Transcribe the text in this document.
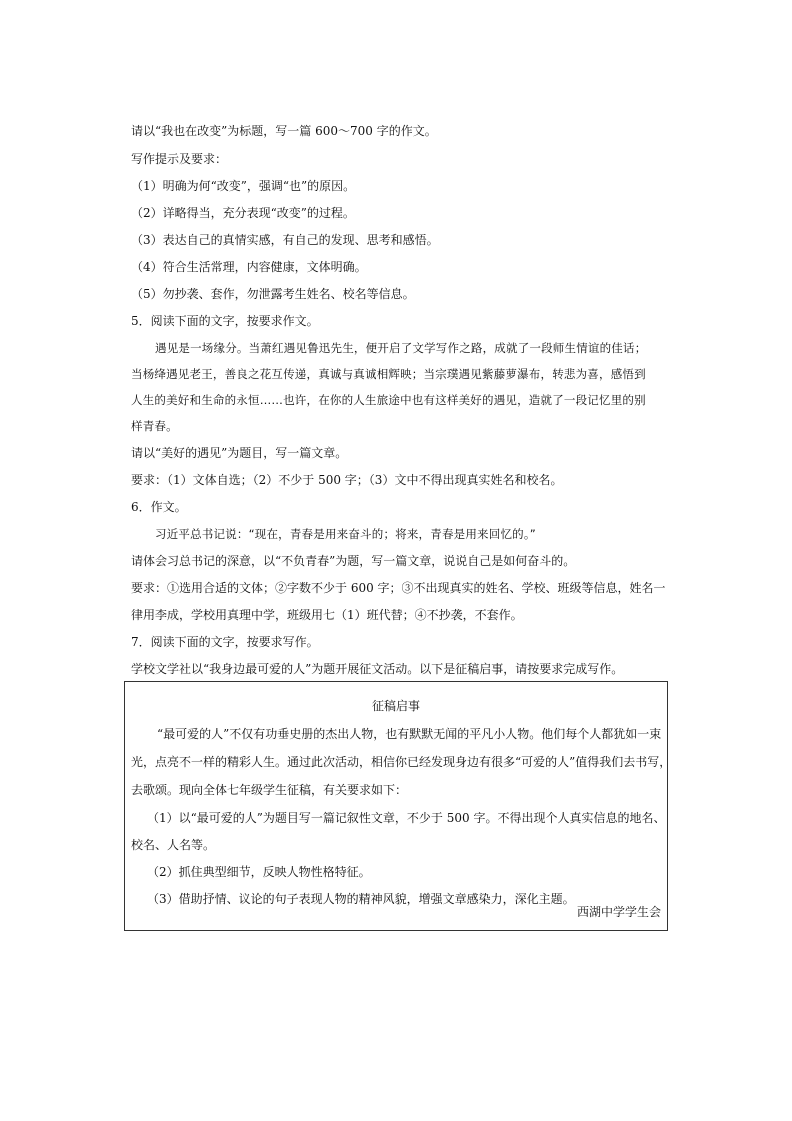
请以“我也在改变”为标题，写一篇 600～700 字的作文。
写作提示及要求：
（1）明确为何“改变”，强调“也”的原因。
（2）详略得当，充分表现“改变”的过程。
（3）表达自己的真情实感，有自己的发现、思考和感悟。
（4）符合生活常理，内容健康，文体明确。
（5）勿抄袭、套作，勿泄露考生姓名、校名等信息。
5．阅读下面的文字，按要求作文。
遇见是一场缘分。当萧红遇见鲁迅先生，便开启了文学写作之路，成就了一段师生情谊的佳话；
当杨绛遇见老王，善良之花互传递，真诚与真诚相辉映；当宗璞遇见紫藤萝瀑布，转悲为喜，感悟到
人生的美好和生命的永恒……也许，在你的人生旅途中也有这样美好的遇见，造就了一段记忆里的别
样青春。
请以“美好的遇见”为题目，写一篇文章。
要求：（1）文体自选；（2）不少于 500 字；（3）文中不得出现真实姓名和校名。
6．作文。
习近平总书记说：“现在，青春是用来奋斗的；将来，青春是用来回忆的。”
请体会习总书记的深意，以“不负青春”为题，写一篇文章，说说自己是如何奋斗的。
要求：①选用合适的文体；②字数不少于 600 字；③不出现真实的姓名、学校、班级等信息，姓名一
律用李成，学校用真理中学，班级用七（1）班代替；④不抄袭，不套作。
7．阅读下面的文字，按要求写作。
学校文学社以“我身边最可爱的人”为题开展征文活动。以下是征稿启事，请按要求完成写作。
征稿启事
“最可爱的人”不仅有功垂史册的杰出人物，也有默默无闻的平凡小人物。他们每个人都犹如一束
光，点亮不一样的精彩人生。通过此次活动，相信你已经发现身边有很多“可爱的人”值得我们去书写，
去歌颂。现向全体七年级学生征稿，有关要求如下：
（1）以“最可爱的人”为题目写一篇记叙性文章，不少于 500 字。不得出现个人真实信息的地名、
校名、人名等。
（2）抓住典型细节，反映人物性格特征。
（3）借助抒情、议论的句子表现人物的精神风貌，增强文章感染力，深化主题。
西湖中学学生会
